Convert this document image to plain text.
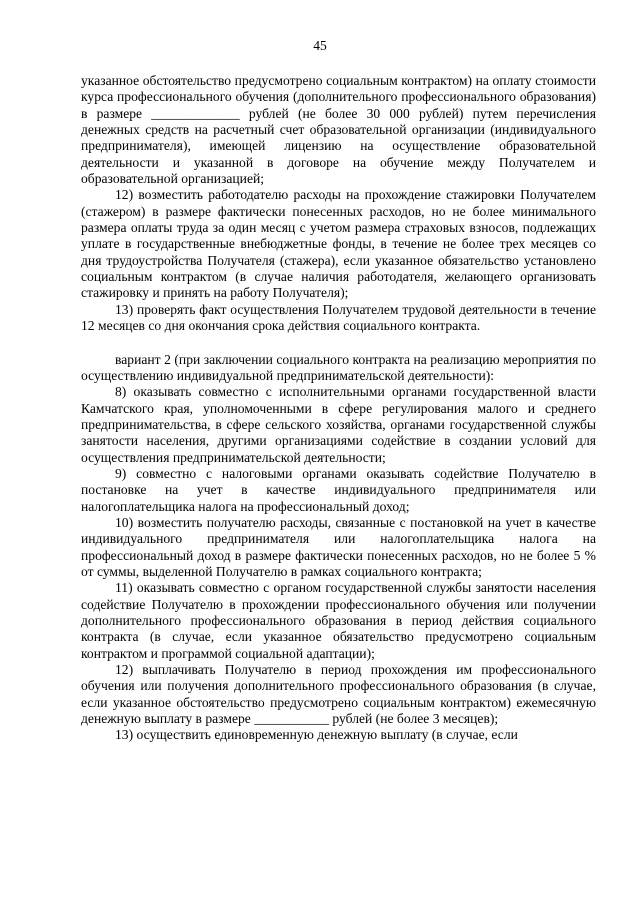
45

указанное обстоятельство предусмотрено социальным контрактом) на оплату стоимости курса профессионального обучения (дополнительного профессионального образования) в размере _____________ рублей (не более 30 000 рублей) путем перечисления денежных средств на расчетный счет образовательной организации (индивидуального предпринимателя), имеющей лицензию на осуществление образовательной деятельности и указанной в договоре на обучение между Получателем и образовательной организацией;

12) возместить работодателю расходы на прохождение стажировки Получателем (стажером) в размере фактически понесенных расходов, но не более минимального размера оплаты труда за один месяц с учетом размера страховых взносов, подлежащих уплате в государственные внебюджетные фонды, в течение не более трех месяцев со дня трудоустройства Получателя (стажера), если указанное обязательство установлено социальным контрактом (в случае наличия работодателя, желающего организовать стажировку и принять на работу Получателя);

13) проверять факт осуществления Получателем трудовой деятельности в течение 12 месяцев со дня окончания срока действия социального контракта.

вариант 2 (при заключении социального контракта на реализацию мероприятия по осуществлению индивидуальной предпринимательской деятельности):

8) оказывать совместно с исполнительными органами государственной власти Камчатского края, уполномоченными в сфере регулирования малого и среднего предпринимательства, в сфере сельского хозяйства, органами государственной службы занятости населения, другими организациями содействие в создании условий для осуществления предпринимательской деятельности;

9) совместно с налоговыми органами оказывать содействие Получателю в постановке на учет в качестве индивидуального предпринимателя или налогоплательщика налога на профессиональный доход;

10) возместить получателю расходы, связанные с постановкой на учет в качестве индивидуального предпринимателя или налогоплательщика налога на профессиональный доход в размере фактически понесенных расходов, но не более 5 % от суммы, выделенной Получателю в рамках социального контракта;

11) оказывать совместно с органом государственной службы занятости населения содействие Получателю в прохождении профессионального обучения или получении дополнительного профессионального образования в период действия социального контракта (в случае, если указанное обязательство предусмотрено социальным контрактом и программой социальной адаптации);

12) выплачивать Получателю в период прохождения им профессионального обучения или получения дополнительного профессионального образования (в случае, если указанное обстоятельство предусмотрено социальным контрактом) ежемесячную денежную выплату в размере ___________ рублей (не более 3 месяцев);

13) осуществить единовременную денежную выплату (в случае, если
